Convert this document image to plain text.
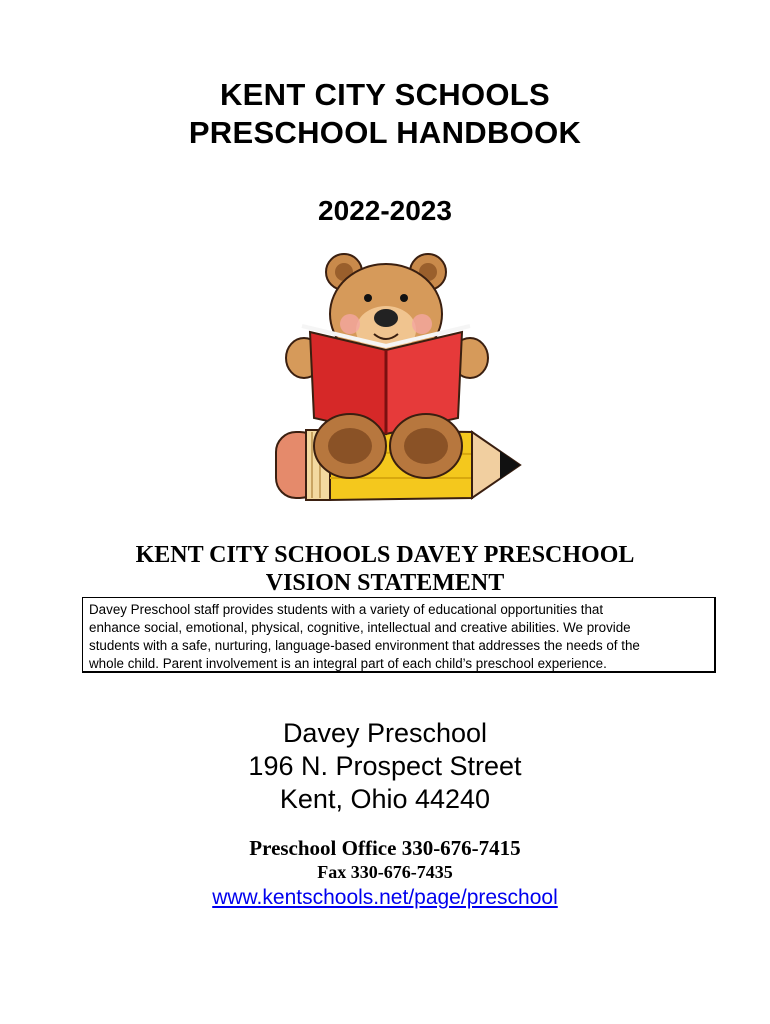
KENT CITY SCHOOLS
PRESCHOOL HANDBOOK
2022-2023
KENT CITY SCHOOLS DAVEY PRESCHOOL
VISION STATEMENT
Davey Preschool staff provides students with a variety of educational opportunities that
enhance social, emotional, physical, cognitive, intellectual and creative abilities. We provide
students with a safe, nurturing, language-based environment that addresses the needs of the
whole child. Parent involvement is an integral part of each child’s preschool experience.
Davey Preschool
196 N. Prospect Street
Kent, Ohio 44240
Preschool Office 330-676-7415
Fax 330-676-7435
www.kentschools.net/page/preschool
